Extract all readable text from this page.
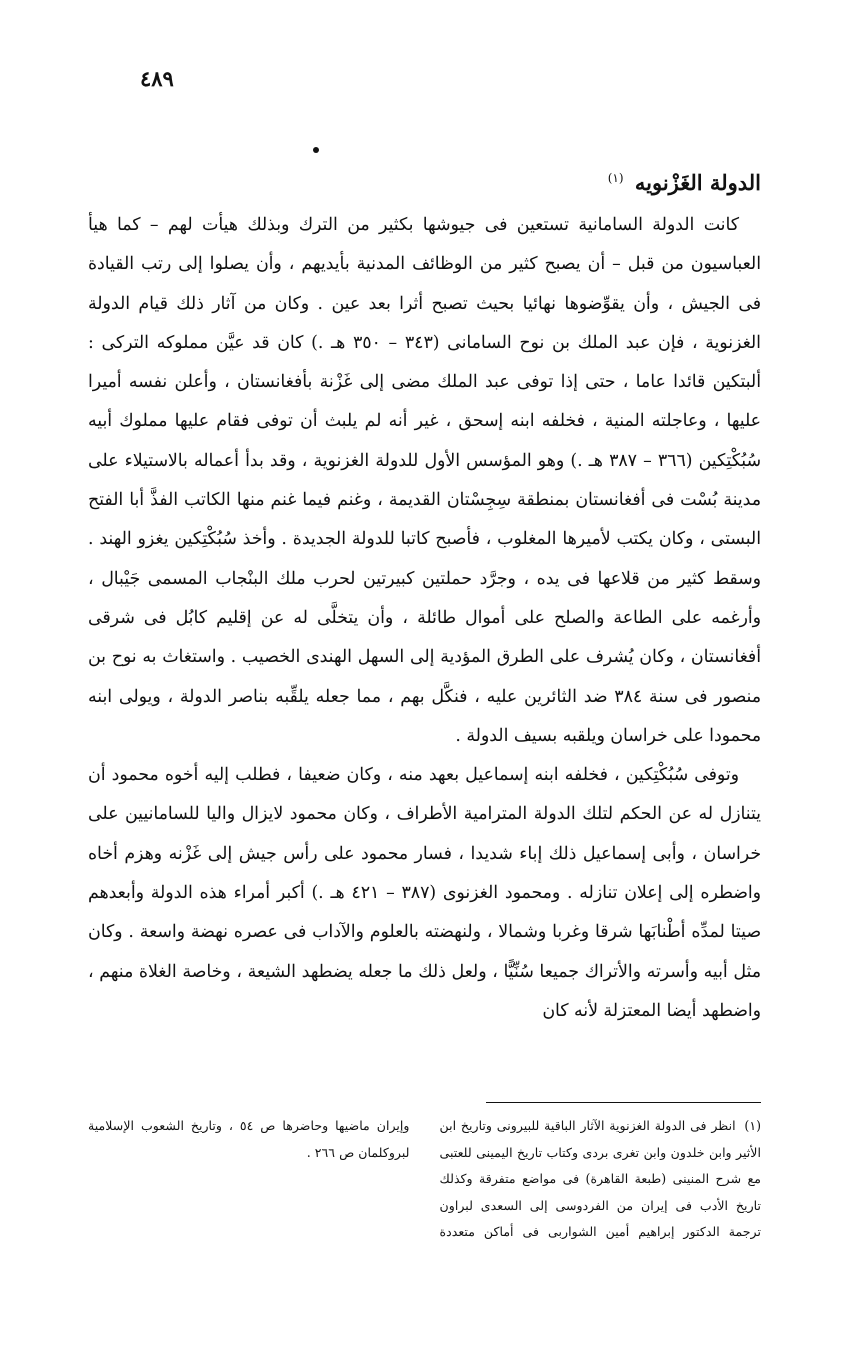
٤٨٩
الدولة الغَزْنويه $^{(١)}$

كانت الدولة السامانية تستعين فى جيوشها بكثير من الترك وبذلك هيأت لهم – كما هيأ العباسيون من قبل – أن يصبح كثير من الوظائف المدنية بأيديهم ، وأن يصلوا إلى رتب القيادة فى الجيش ، وأن يقوِّضوها نهائيا بحيث تصبح أثرا بعد عين . وكان من آثار ذلك قيام الدولة الغزنوية ، فإن عبد الملك بن نوح السامانى (٣٤٣ – ٣٥٠ هـ .) كان قد عيَّن مملوكه التركى : ألبتكين قائدا عاما ، حتى إذا توفى عبد الملك مضى إلى غَزْنة بأفغانستان ، وأعلن نفسه أميرا عليها ، وعاجلته المنية ، فخلفه ابنه إسحق ، غير أنه لم يلبث أن توفى فقام عليها مملوك أبيه سُبُكْتِكين (٣٦٦ – ٣٨٧ هـ .) وهو المؤسس الأول للدولة الغزنوية ، وقد بدأ أعماله بالاستيلاء على مدينة بُسْت فى أفغانستان بمنطقة سِجِسْتان القديمة ، وغنم فيما غنم منها الكاتب الفذَّ أبا الفتح البستى ، وكان يكتب لأميرها المغلوب ، فأصبح كاتبا للدولة الجديدة . وأخذ سُبُكْتِكين يغزو الهند . وسقط كثير من قلاعها فى يده ، وجرَّد حملتين كبيرتين لحرب ملك البنْجاب المسمى جَيْبال ، وأرغمه على الطاعة والصلح على أموال طائلة ، وأن يتخلَّى له عن إقليم كابُل فى شرقى أفغانستان ، وكان يُشرف على الطرق المؤدية إلى السهل الهندى الخصيب . واستغاث به نوح بن منصور فى سنة ٣٨٤ ضد الثائرين عليه ، فنكَّل بهم ، مما جعله يلقِّبه بناصر الدولة ، ويولى ابنه محمودا على خراسان ويلقبه بسيف الدولة .

وتوفى سُبُكْتِكين ، فخلفه ابنه إسماعيل بعهد منه ، وكان ضعيفا ، فطلب إليه أخوه محمود أن يتنازل له عن الحكم لتلك الدولة المترامية الأطراف ، وكان محمود لايزال واليا للسامانيين على خراسان ، وأبى إسماعيل ذلك إباء شديدا ، فسار محمود على رأس جيش إلى غَزْنه وهزم أخاه واضطره إلى إعلان تنازله . ومحمود الغزنوى (٣٨٧ – ٤٢١ هـ .) أكبر أمراء هذه الدولة وأبعدهم صيتا لمدِّه أطْنابَها شرقا وغربا وشمالا ، ولنهضته بالعلوم والآداب فى عصره نهضة واسعة . وكان مثل أبيه وأسرته والأتراك جميعا سُنِّيًّا ، ولعل ذلك ما جعله يضطهد الشيعة ، وخاصة الغلاة منهم ، واضطهد أيضا المعتزلة لأنه كان

(١) انظر فى الدولة الغزنوية الآثار الباقية للبيرونى وتاريخ ابن الأثير وابن خلدون وابن تغرى بردى وكتاب تاريخ اليمينى للعتبى مع شرح المنينى (طبعة القاهرة) فى مواضع متفرقة وكذلك تاريخ الأدب فى إيران من الفردوسى إلى السعدى لبراون ترجمة الدكتور إبراهيم أمين الشواربى فى أماكن متعددة وإيران ماضيها وحاضرها ص ٥٤ ، وتاريخ الشعوب الإسلامية لبروكلمان ص ٢٦٦ .
